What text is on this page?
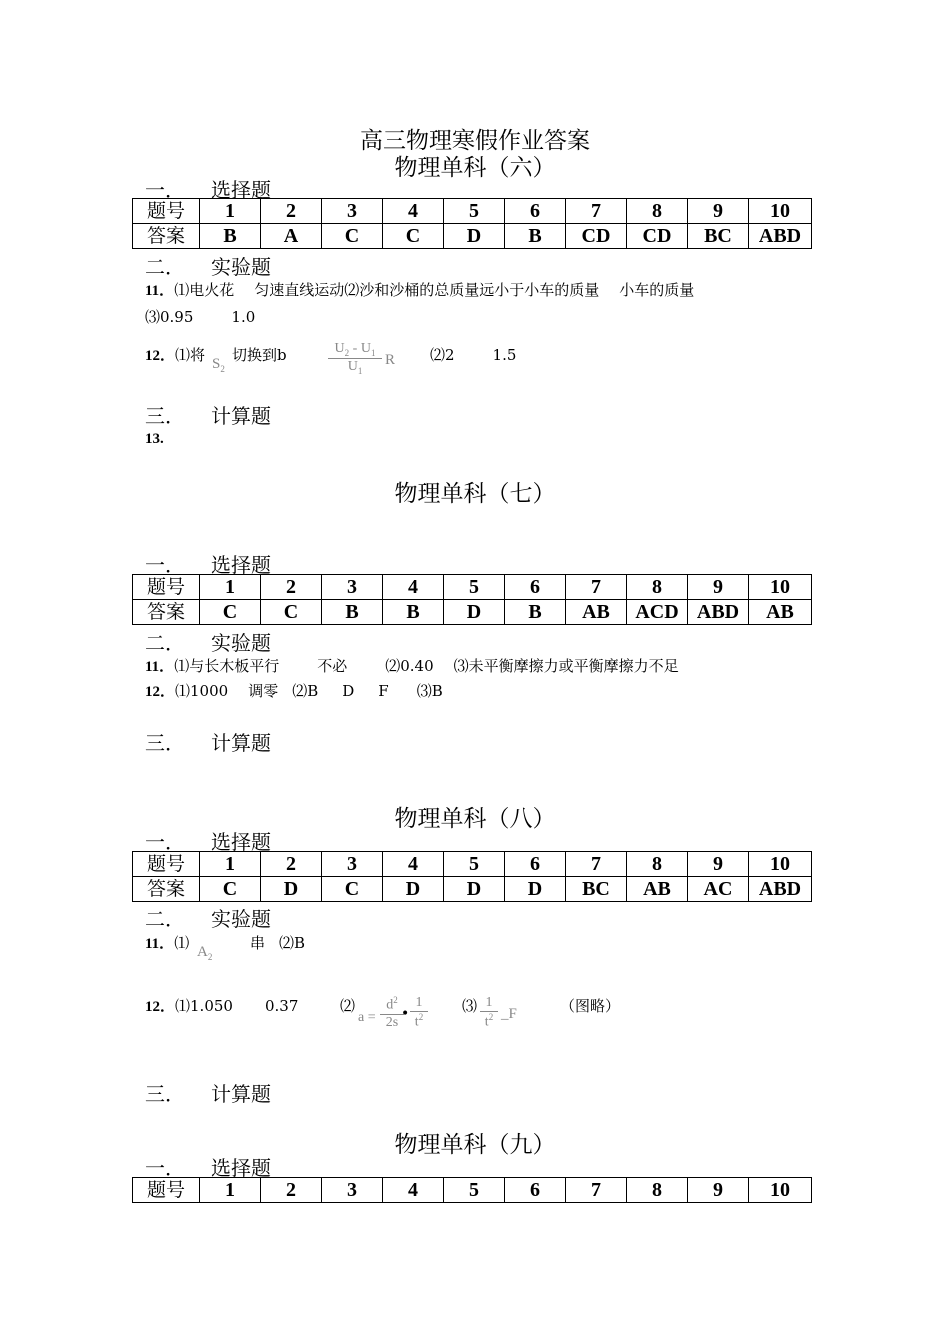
高三物理寒假作业答案
物理单科（六）
一． 选择题
题号	1	2	3	4	5	6	7	8	9	10
答案	B	A	C	C	D	B	CD	CD	BC	ABD
二． 实验题
11．⑴电火花 匀速直线运动⑵沙和沙桶的总质量远小于小车的质量 小车的质量
⑶0.95	1.0
12．⑴将 $S_2$
切换到b	$\frac{U_2 - U_1}{U_1}$ R ⑵2	1.5
三． 计算题
13.
物理单科（七）
一． 选择题
题号	1	2	3	4	5	6	7	8	9	10
答案	C	C	B	B	D	B	AB	ACD	ABD	AB
二． 实验题
11．⑴与长木板平行	不必	⑵0.40 ⑶未平衡摩擦力或平衡摩擦力不足
12．⑴1000 调零 ⑵B D F ⑶B
三． 计算题
物理单科（八）
一． 选择题
题号	1	2	3	4	5	6	7	8	9	10
答案	C	D	C	D	D	D	BC	AB	AC	ABD
二． 实验题
11．⑴ $A_2$
串 ⑵B
12．⑴1.050 0.37	⑵
$a = \frac{d^2}{2s}$
• $\frac{1}{t^2}$ ⑶ $\frac{1}{t^2}$ _F	（图略）
三． 计算题
物理单科（九）
一． 选择题
题号	1	2	3	4	5	6	7	8	9	10
